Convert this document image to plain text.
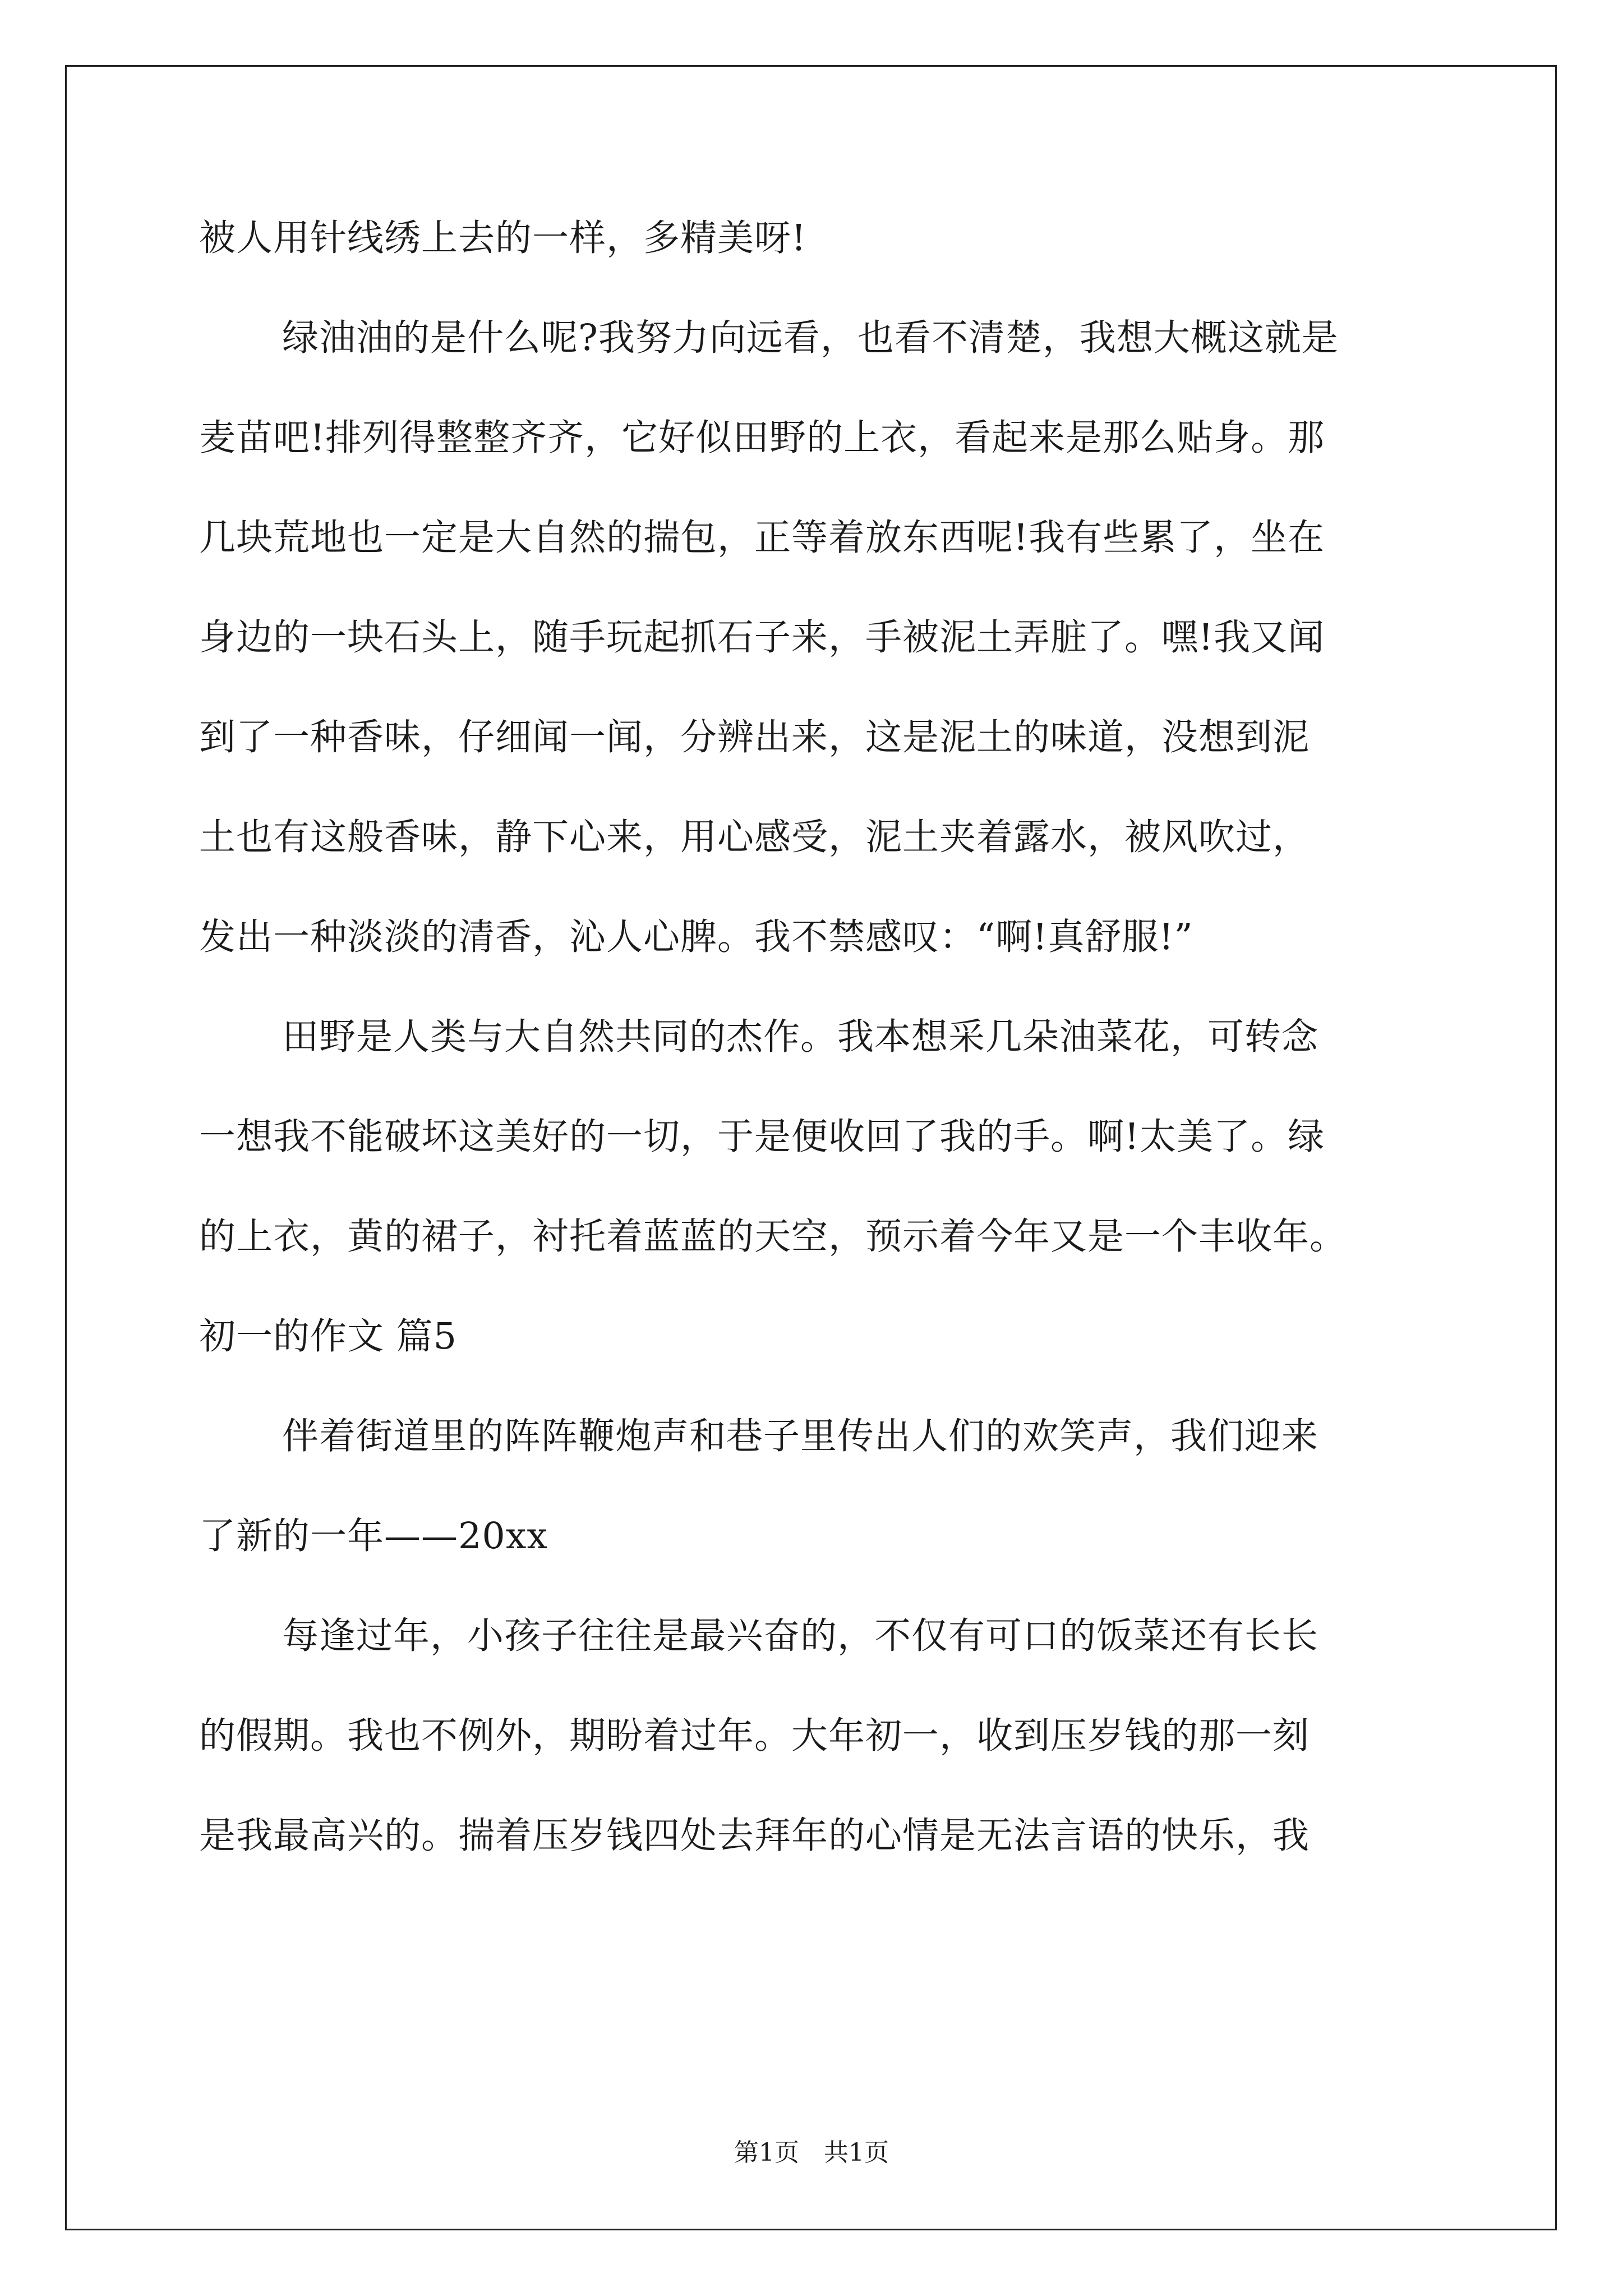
被人用针线绣上去的一样，多精美呀!
绿油油的是什么呢?我努力向远看，也看不清楚，我想大概这就是
麦苗吧!排列得整整齐齐，它好似田野的上衣，看起来是那么贴身。那
几块荒地也一定是大自然的揣包，正等着放东西呢!我有些累了，坐在
身边的一块石头上，随手玩起抓石子来，手被泥土弄脏了。嘿!我又闻
到了一种香味，仔细闻一闻，分辨出来，这是泥土的味道，没想到泥
土也有这般香味，静下心来，用心感受，泥土夹着露水，被风吹过，
发出一种淡淡的清香，沁人心脾。我不禁感叹：“啊!真舒服!”
田野是人类与大自然共同的杰作。我本想采几朵油菜花，可转念
一想我不能破坏这美好的一切，于是便收回了我的手。啊!太美了。绿
的上衣，黄的裙子，衬托着蓝蓝的天空，预示着今年又是一个丰收年。
初一的作文 篇5
伴着街道里的阵阵鞭炮声和巷子里传出人们的欢笑声，我们迎来
了新的一年——20xx
每逢过年，小孩子往往是最兴奋的，不仅有可口的饭菜还有长长
的假期。我也不例外，期盼着过年。大年初一，收到压岁钱的那一刻
是我最高兴的。揣着压岁钱四处去拜年的心情是无法言语的快乐，我
第1页　共1页
